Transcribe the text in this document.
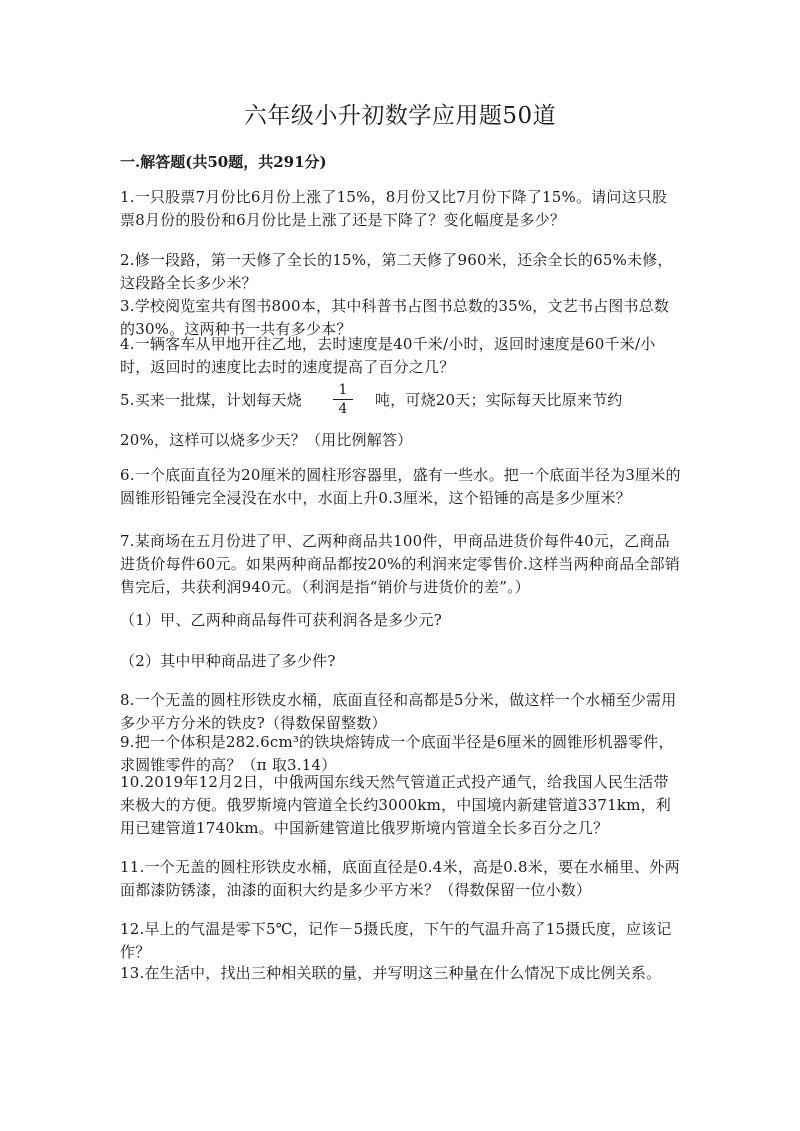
六年级小升初数学应用题50道
一.解答题(共50题，共291分)
1.一只股票7月份比6月份上涨了15%，8月份又比7月份下降了15%。请问这只股票8月份的股份和6月份比是上涨了还是下降了？变化幅度是多少？
2.修一段路，第一天修了全长的15%，第二天修了960米，还余全长的65%未修，这段路全长多少米？
3.学校阅览室共有图书800本，其中科普书占图书总数的35%，文艺书占图书总数的30%。这两种书一共有多少本？
4.一辆客车从甲地开往乙地，去时速度是40千米/小时，返回时速度是60千米/小时，返回时的速度比去时的速度提高了百分之几？
5.买来一批煤，计划每天烧
1
4	吨，可烧20天；实际每天比原来节约
20%，这样可以烧多少天？（用比例解答）
6.一个底面直径为20厘米的圆柱形容器里，盛有一些水。把一个底面半径为3厘米的圆锥形铅锤完全浸没在水中，水面上升0.3厘米，这个铅锤的高是多少厘米？
7.某商场在五月份进了甲、乙两种商品共100件，甲商品进货价每件40元，乙商品进货价每件60元。如果两种商品都按20%的利润来定零售价.这样当两种商品全部销售完后，共获利润940元。（利润是指“销价与进货价的差”。）
（1）甲、乙两种商品每件可获利润各是多少元?
（2）其中甲种商品进了多少件?
8.一个无盖的圆柱形铁皮水桶，底面直径和高都是5分米，做这样一个水桶至少需用多少平方分米的铁皮?（得数保留整数）
9.把一个体积是282.6cm³的铁块熔铸成一个底面半径是6厘米的圆锥形机器零件，求圆锥零件的高？（π 取3.14）
10.2019年12月2日，中俄两国东线天然气管道正式投产通气，给我国人民生活带来极大的方便。俄罗斯境内管道全长约3000km，中国境内新建管道3371km，利用已建管道1740km。中国新建管道比俄罗斯境内管道全长多百分之几？
11.一个无盖的圆柱形铁皮水桶，底面直径是0.4米，高是0.8米，要在水桶里、外两面都漆防锈漆，油漆的面积大约是多少平方米？（得数保留一位小数）
12.早上的气温是零下5℃，记作－5摄氏度，下午的气温升高了15摄氏度，应该记作？
13.在生活中，找出三种相关联的量，并写明这三种量在什么情况下成比例关系。
